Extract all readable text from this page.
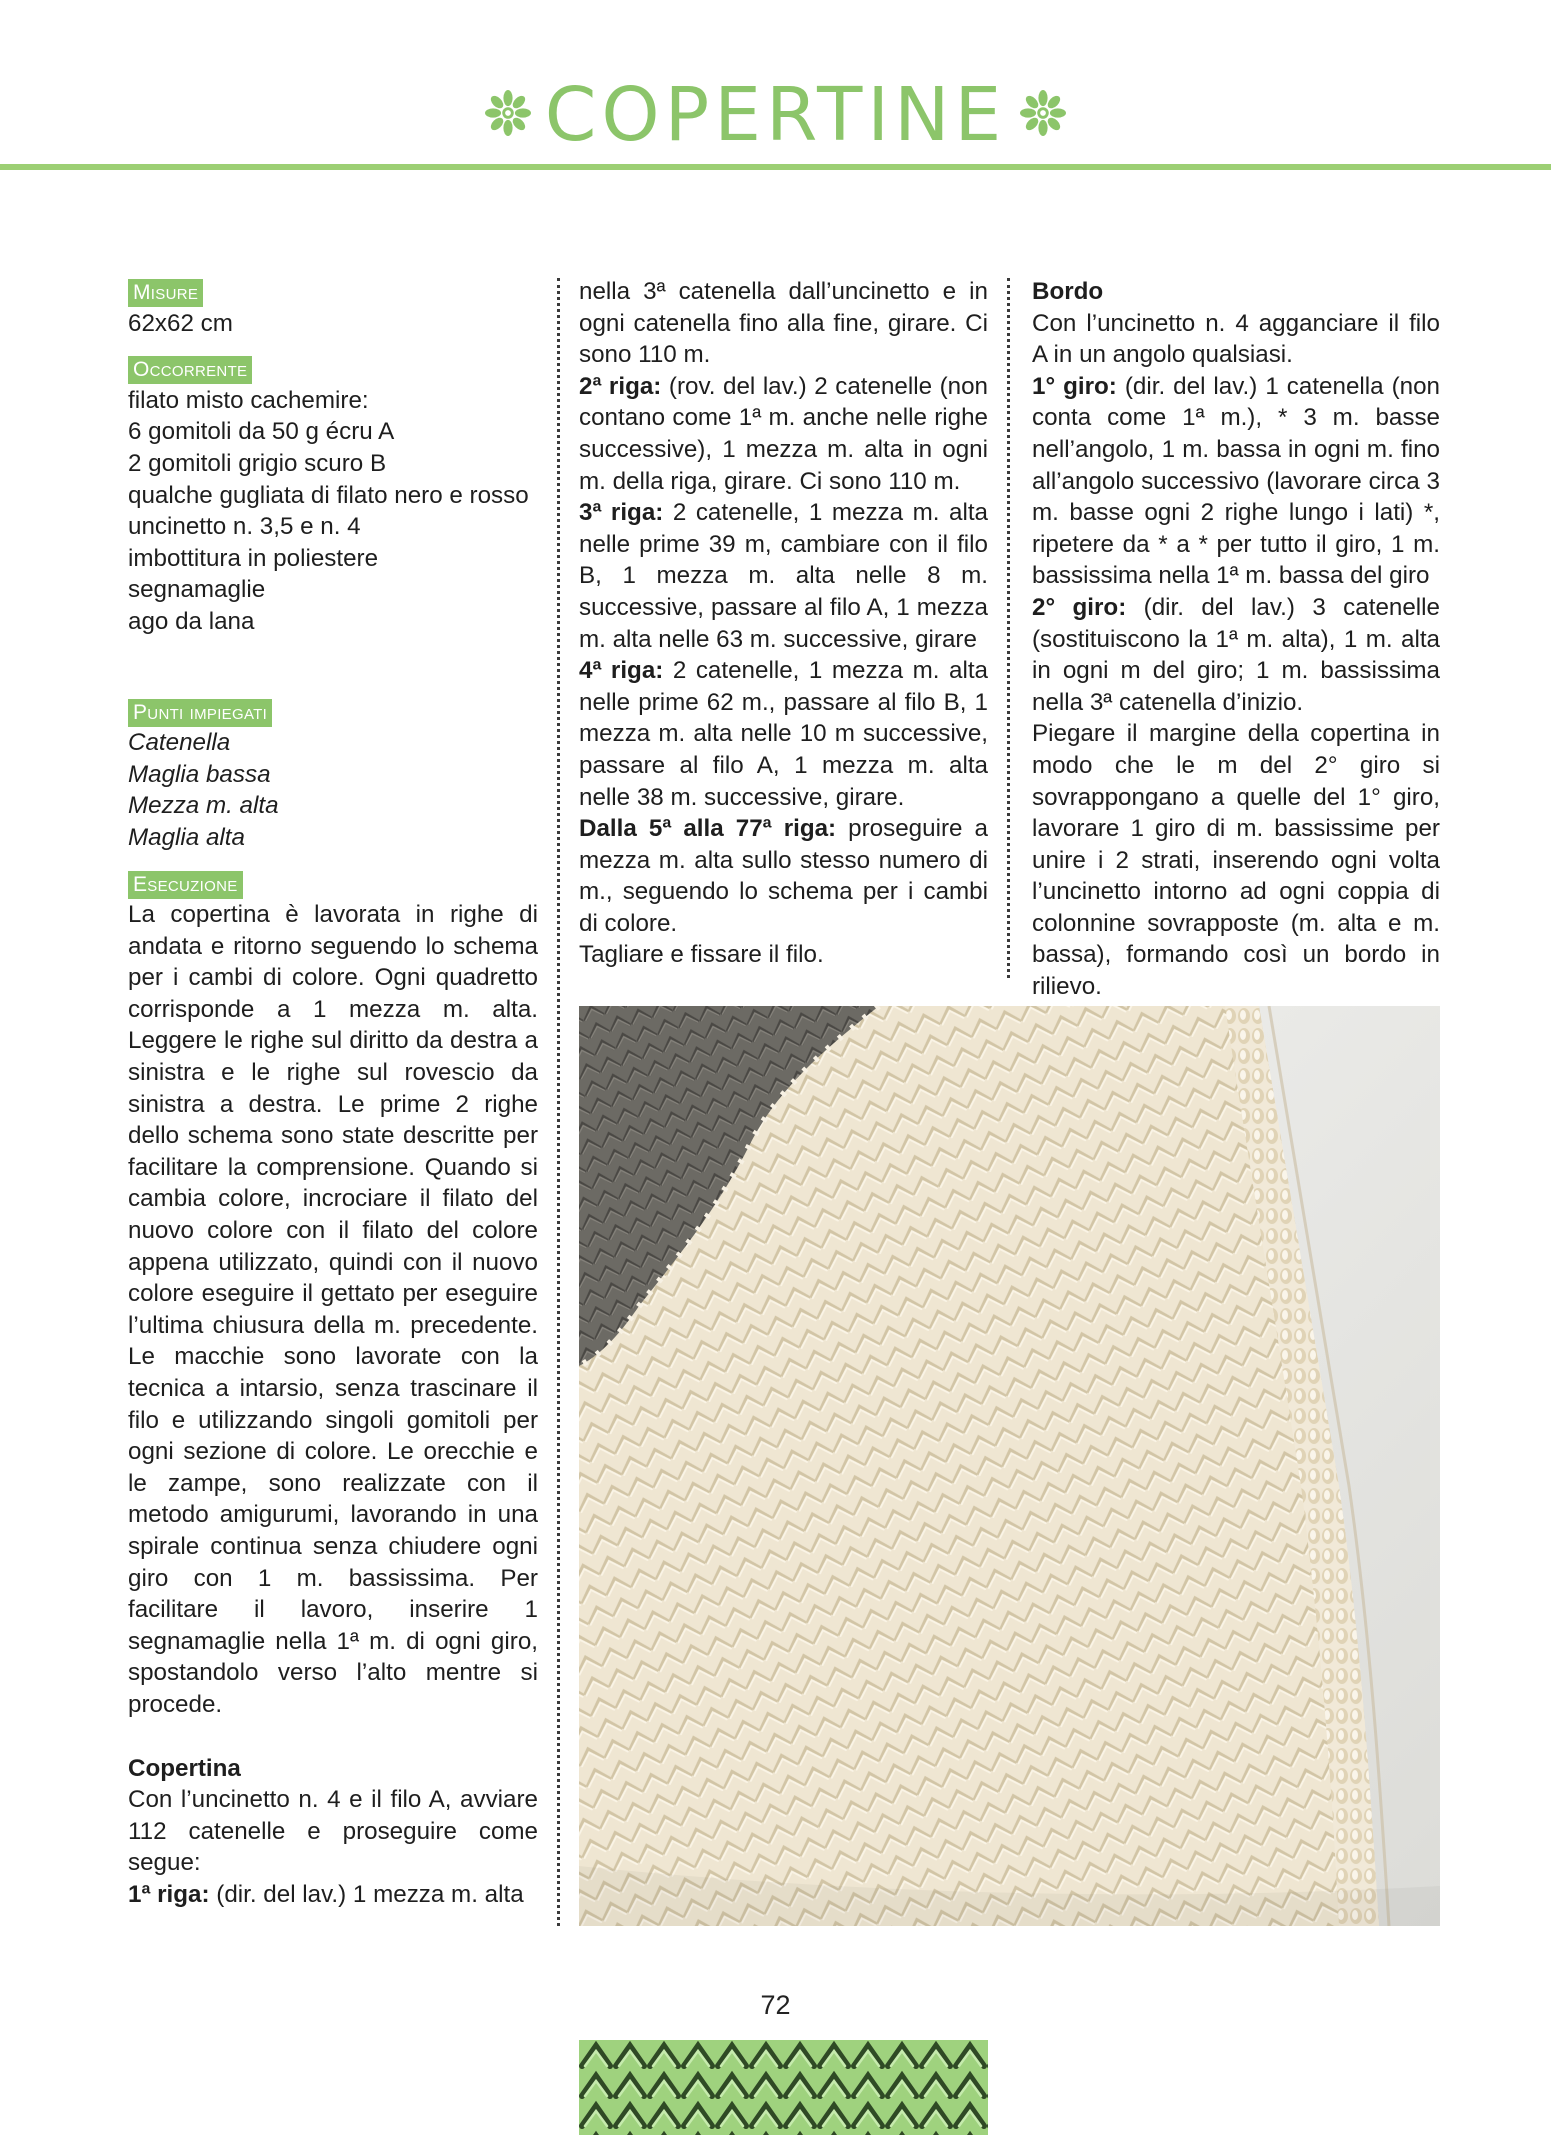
COPERTINE
Misure
62x62 cm
Occorrente
filato misto cachemire:
6 gomitoli da 50 g écru A
2 gomitoli grigio scuro B
qualche gugliata di filato nero e rosso
uncinetto n. 3,5 e n. 4
imbottitura in poliestere
segnamaglie
ago da lana
Punti impiegati
Catenella
Maglia bassa
Mezza m. alta
Maglia alta
Esecuzione
La copertina è lavorata in righe di andata e ritorno seguendo lo schema per i cambi di colore. Ogni quadretto corrisponde a 1 mezza m. alta. Leggere le righe sul diritto da destra a sinistra e le righe sul rovescio da sinistra a destra. Le prime 2 righe dello schema sono state descritte per facilitare la comprensione. Quando si cambia colore, incrociare il filato del nuovo colore con il filato del colore appena utilizzato, quindi con il nuovo colore eseguire il gettato per eseguire l’ultima chiusura della m. precedente. Le macchie sono lavorate con la tecnica a intarsio, senza trascinare il filo e utilizzando singoli gomitoli per ogni sezione di colore. Le orecchie e le zampe, sono realizzate con il metodo amigurumi, lavorando in una spirale continua senza chiudere ogni giro con 1 m. bassissima. Per facilitare il lavoro, inserire 1 segnamaglie nella 1ª m. di ogni giro, spostandolo verso l’alto mentre si procede.
Copertina
Con l’uncinetto n. 4 e il filo A, avviare 112 catenelle e proseguire come segue:
1ª riga: (dir. del lav.) 1 mezza m. alta
nella 3ª catenella dall’uncinetto e in ogni catenella fino alla fine, girare. Ci sono 110 m.
2ª riga: (rov. del lav.) 2 catenelle (non contano come 1ª m. anche nelle righe successive), 1 mezza m. alta in ogni m. della riga, girare. Ci sono 110 m.
3ª riga: 2 catenelle, 1 mezza m. alta nelle prime 39 m, cambiare con il filo B, 1 mezza m. alta nelle 8 m. successive, passare al filo A, 1 mezza m. alta nelle 63 m. successive, girare
4ª riga: 2 catenelle, 1 mezza m. alta nelle prime 62 m., passare al filo B, 1 mezza m. alta nelle 10 m successive, passare al filo A, 1 mezza m. alta nelle 38 m. successive, girare.
Dalla 5ª alla 77ª riga: proseguire a mezza m. alta sullo stesso numero di m., seguendo lo schema per i cambi di colore.
Tagliare e fissare il filo.
Bordo
Con l’uncinetto n. 4 agganciare il filo A in un angolo qualsiasi.
1° giro: (dir. del lav.) 1 catenella (non conta come 1ª m.), * 3 m. basse nell’angolo, 1 m. bassa in ogni m. fino all’angolo successivo (lavorare circa 3 m. basse ogni 2 righe lungo i lati) *, ripetere da * a * per tutto il giro, 1 m. bassissima nella 1ª m. bassa del giro
2° giro: (dir. del lav.) 3 catenelle (sostituiscono la 1ª m. alta), 1 m. alta in ogni m del giro; 1 m. bassissima nella 3ª catenella d’inizio.
Piegare il margine della copertina in modo che le m del 2° giro si sovrappongano a quelle del 1° giro, lavorare 1 giro di m. bassissime per unire i 2 strati, inserendo ogni volta l’uncinetto intorno ad ogni coppia di colonnine sovrapposte (m. alta e m. bassa), formando così un bordo in rilievo.
72
